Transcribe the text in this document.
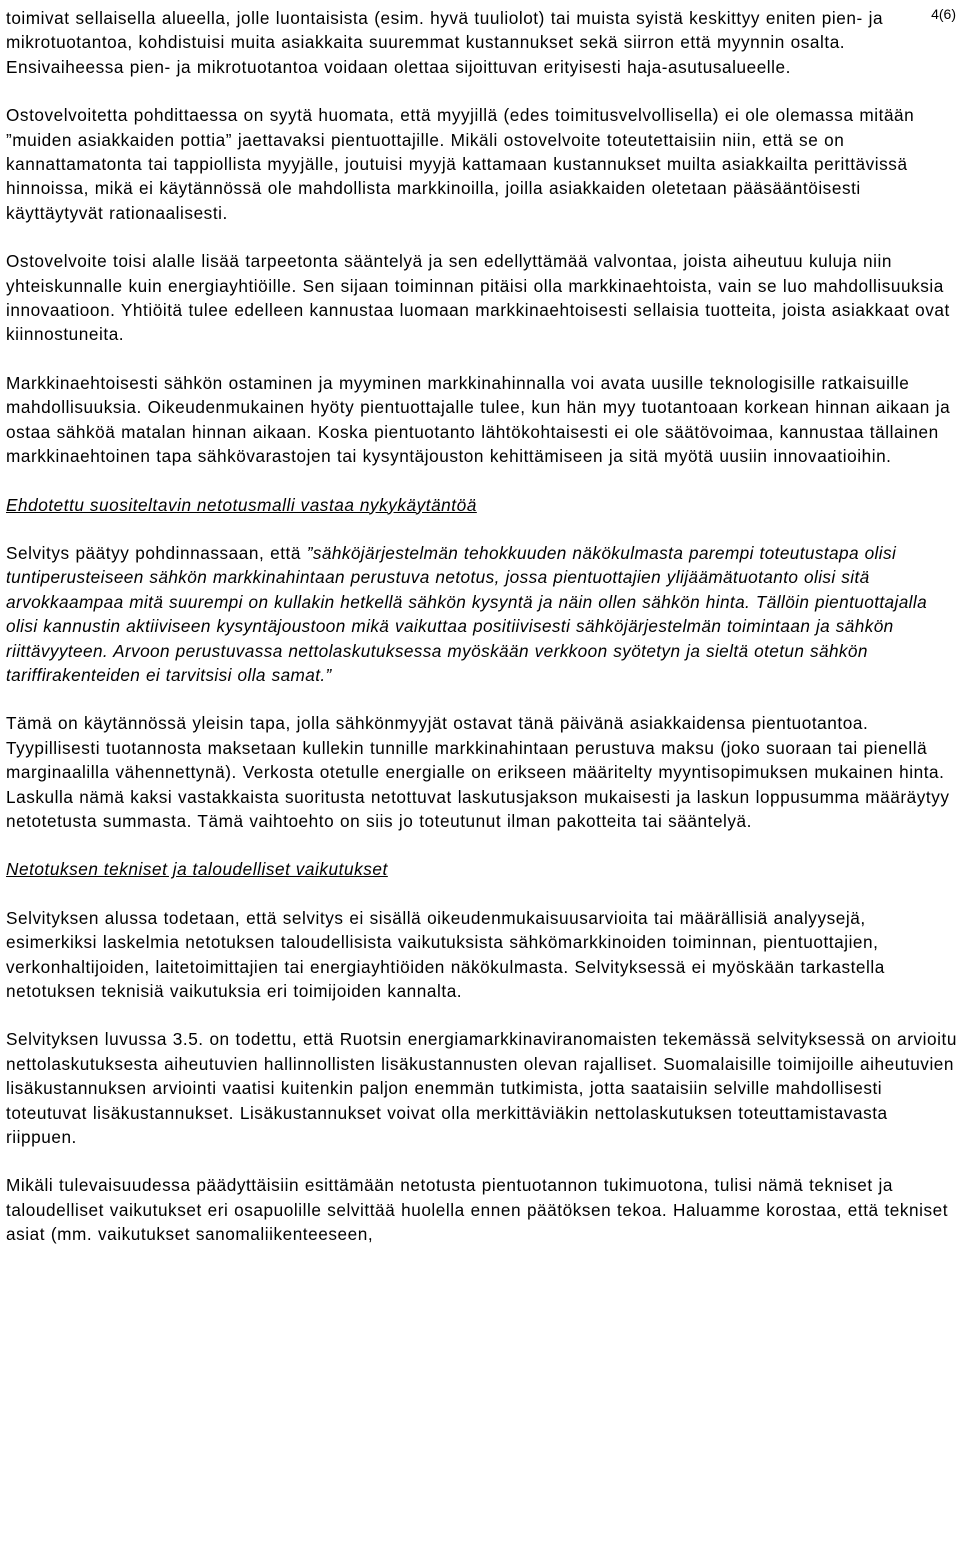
4(6)

toimivat sellaisella alueella, jolle luontaisista (esim. hyvä tuuliolot) tai muista syistä keskittyy eniten pien- ja mikrotuotantoa, kohdistuisi muita asiakkaita suuremmat kustannukset sekä siirron että myynnin osalta. Ensivaiheessa pien- ja mikrotuotantoa voidaan olettaa sijoittuvan erityisesti haja-asutusalueelle.

Ostovelvoitetta pohdittaessa on syytä huomata, että myyjillä (edes toimitusvelvollisella) ei ole olemassa mitään ”muiden asiakkaiden pottia” jaettavaksi pientuottajille. Mikäli ostovelvoite toteutettaisiin niin, että se on kannattamatonta tai tappiollista myyjälle, joutuisi myyjä kattamaan kustannukset muilta asiakkailta perittävissä hinnoissa, mikä ei käytännössä ole mahdollista markkinoilla, joilla asiakkaiden oletetaan pääsääntöisesti käyttäytyvät rationaalisesti.

Ostovelvoite toisi alalle lisää tarpeetonta sääntelyä ja sen edellyttämää valvontaa, joista aiheutuu kuluja niin yhteiskunnalle kuin energiayhtiöille. Sen sijaan toiminnan pitäisi olla markkinaehtoista, vain se luo mahdollisuuksia innovaatioon. Yhtiöitä tulee edelleen kannustaa luomaan markkinaehtoisesti sellaisia tuotteita, joista asiakkaat ovat kiinnostuneita.

Markkinaehtoisesti sähkön ostaminen ja myyminen markkinahinnalla voi avata uusille teknologisille ratkaisuille mahdollisuuksia. Oikeudenmukainen hyöty pientuottajalle tulee, kun hän myy tuotantoaan korkean hinnan aikaan ja ostaa sähköä matalan hinnan aikaan. Koska pientuotanto lähtökohtaisesti ei ole säätövoimaa, kannustaa tällainen markkinaehtoinen tapa sähkövarastojen tai kysyntäjouston kehittämiseen ja sitä myötä uusiin innovaatioihin.

Ehdotettu suositeltavin netotusmalli vastaa nykykäytäntöä

Selvitys päätyy pohdinnassaan, että ”sähköjärjestelmän tehokkuuden näkökulmasta parempi toteutustapa olisi tuntiperusteiseen sähkön markkinahintaan perustuva netotus, jossa pientuottajien ylijäämätuotanto olisi sitä arvokkaampaa mitä suurempi on kullakin hetkellä sähkön kysyntä ja näin ollen sähkön hinta. Tällöin pientuottajalla olisi kannustin aktiiviseen kysyntäjoustoon mikä vaikuttaa positiivisesti sähköjärjestelmän toimintaan ja sähkön riittävyyteen. Arvoon perustuvassa nettolaskutuksessa myöskään verkkoon syötetyn ja sieltä otetun sähkön tariffirakenteiden ei tarvitsisi olla samat.”

Tämä on käytännössä yleisin tapa, jolla sähkönmyyjät ostavat tänä päivänä asiakkaidensa pientuotantoa. Tyypillisesti tuotannosta maksetaan kullekin tunnille markkinahintaan perustuva maksu (joko suoraan tai pienellä marginaalilla vähennettynä). Verkosta otetulle energialle on erikseen määritelty myyntisopimuksen mukainen hinta. Laskulla nämä kaksi vastakkaista suoritusta netottuvat laskutusjakson mukaisesti ja laskun loppusumma määräytyy netotetusta summasta. Tämä vaihtoehto on siis jo toteutunut ilman pakotteita tai sääntelyä.

Netotuksen tekniset ja taloudelliset vaikutukset

Selvityksen alussa todetaan, että selvitys ei sisällä oikeudenmukaisuusarvioita tai määrällisiä analyysejä, esimerkiksi laskelmia netotuksen taloudellisista vaikutuksista sähkömarkkinoiden toiminnan, pientuottajien, verkonhaltijoiden, laitetoimittajien tai energiayhtiöiden näkökulmasta. Selvityksessä ei myöskään tarkastella netotuksen teknisiä vaikutuksia eri toimijoiden kannalta.

Selvityksen luvussa 3.5. on todettu, että Ruotsin energiamarkkinaviranomaisten tekemässä selvityksessä on arvioitu nettolaskutuksesta aiheutuvien hallinnollisten lisäkustannusten olevan rajalliset. Suomalaisille toimijoille aiheutuvien lisäkustannuksen arviointi vaatisi kuitenkin paljon enemmän tutkimista, jotta saataisiin selville mahdollisesti toteutuvat lisäkustannukset. Lisäkustannukset voivat olla merkittäviäkin nettolaskutuksen toteuttamistavasta riippuen.

Mikäli tulevaisuudessa päädyttäisiin esittämään netotusta pientuotannon tukimuotona, tulisi nämä tekniset ja taloudelliset vaikutukset eri osapuolille selvittää huolella ennen päätöksen tekoa. Haluamme korostaa, että tekniset asiat (mm. vaikutukset sanomaliikenteeseen,
